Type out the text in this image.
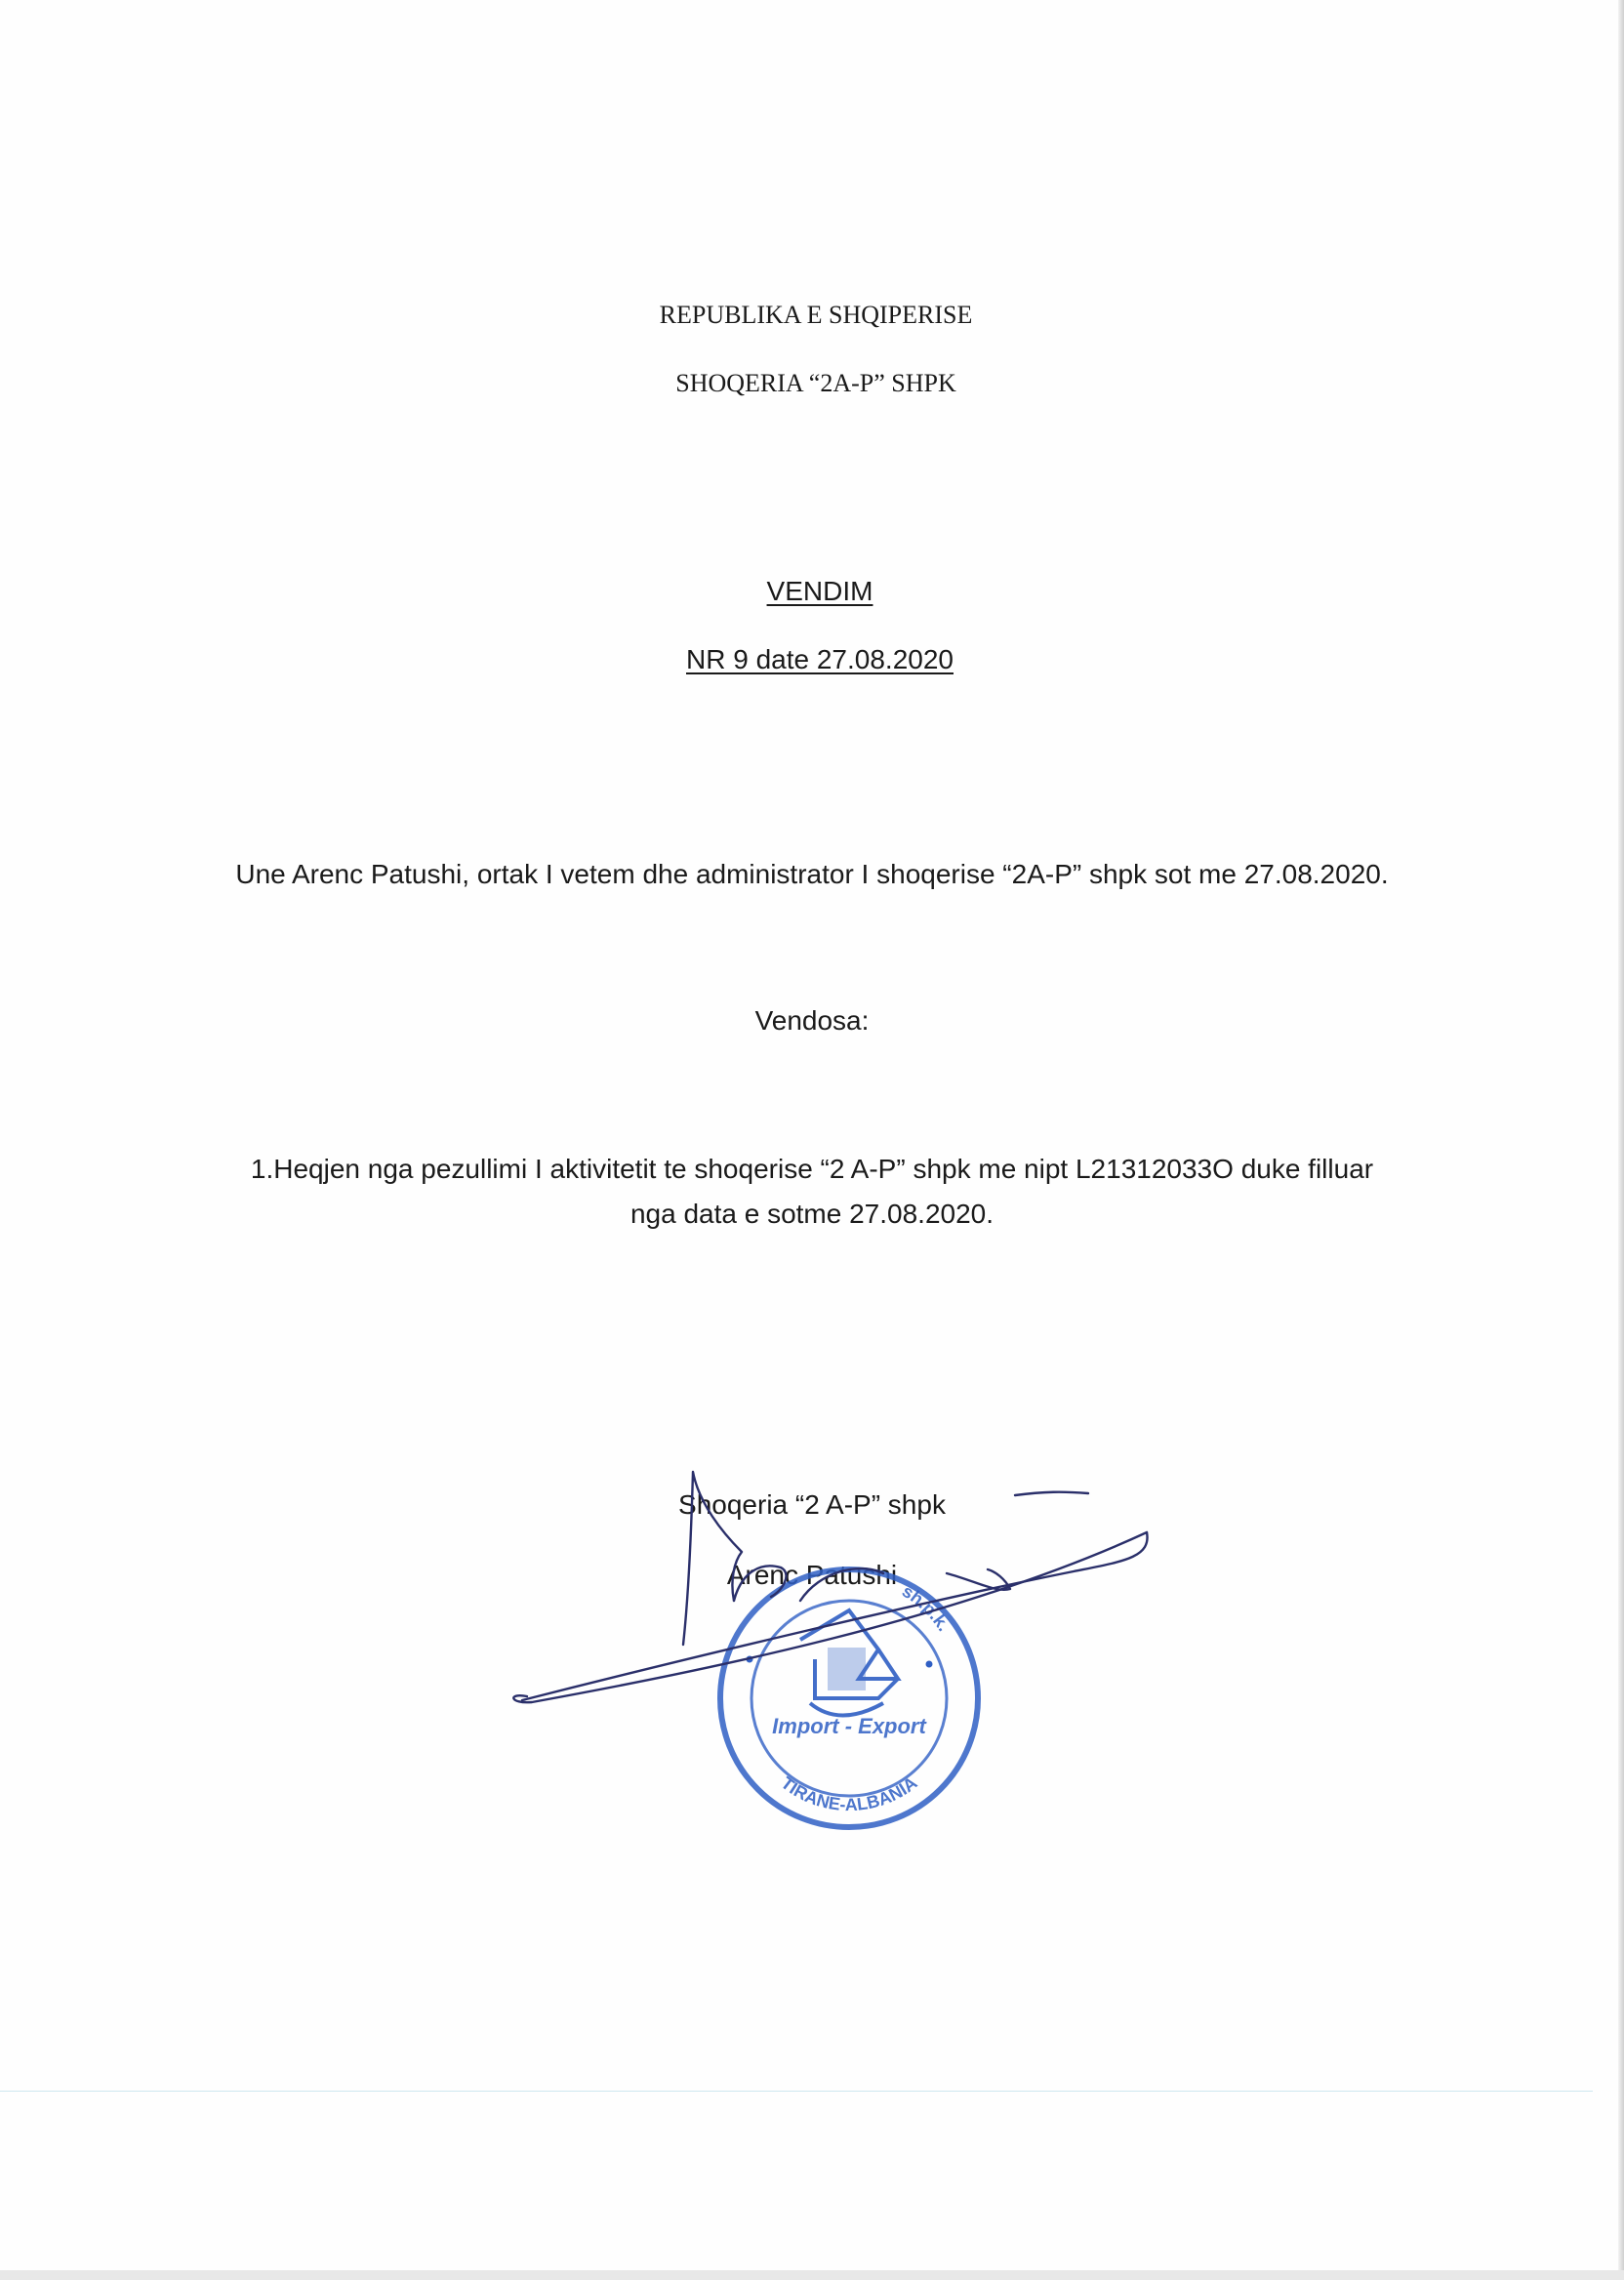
REPUBLIKA E SHQIPERISE
SHOQERIA “2A-P” SHPK
VENDIM
NR 9 date 27.08.2020
Une Arenc Patushi, ortak I vetem dhe administrator I shoqerise “2A-P” shpk sot me 27.08.2020.
Vendosa:
1.Heqjen nga pezullimi I aktivitetit te shoqerise “2 A-P” shpk me nipt L21312033O duke filluar
nga data e sotme 27.08.2020.
Shoqeria “2 A-P” shpk
Arenc Patushi
sh.p.k.
Import - Export
TIRANE-ALBANIA
